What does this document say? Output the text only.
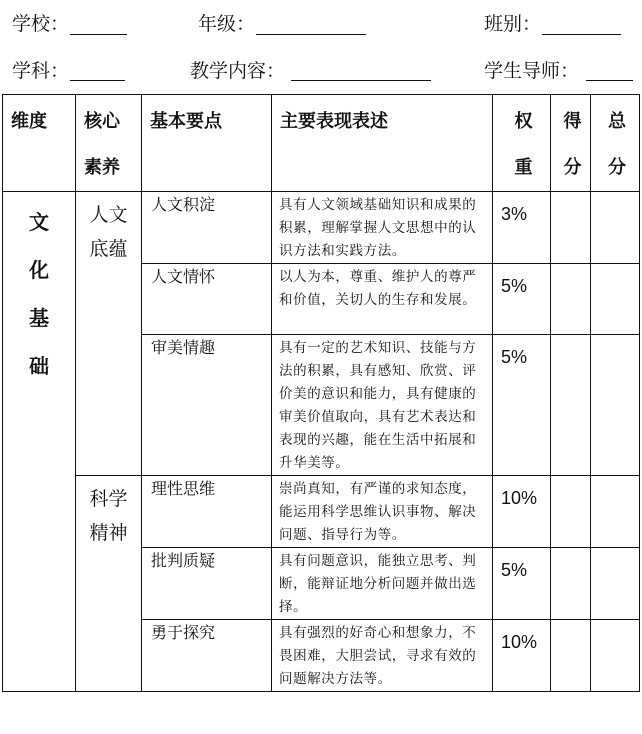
学校：	年级：	班别：
学科：	教学内容：	学生导师：
维度	核心素养	基本要点	主要表现表述	权重	得分	总分

文化基础	人文底蕴	人文积淀	具有人文领域基础知识和成果的积累，理解掌握人文思想中的认识方法和实践方法。	3%		
		人文情怀	以人为本，尊重、维护人的尊严和价值，关切人的生存和发展。	5%		
		审美情趣	具有一定的艺术知识、技能与方法的积累，具有感知、欣赏、评价美的意识和能力，具有健康的审美价值取向，具有艺术表达和表现的兴趣，能在生活中拓展和升华美等。	5%		

	科学精神	理性思维	崇尚真知，有严谨的求知态度，能运用科学思维认识事物、解决问题、指导行为等。	10%		
		批判质疑	具有问题意识，能独立思考、判断，能辩证地分析问题并做出选择。	5%		
		勇于探究	具有强烈的好奇心和想象力，不畏困难，大胆尝试，寻求有效的问题解决方法等。	10%		
